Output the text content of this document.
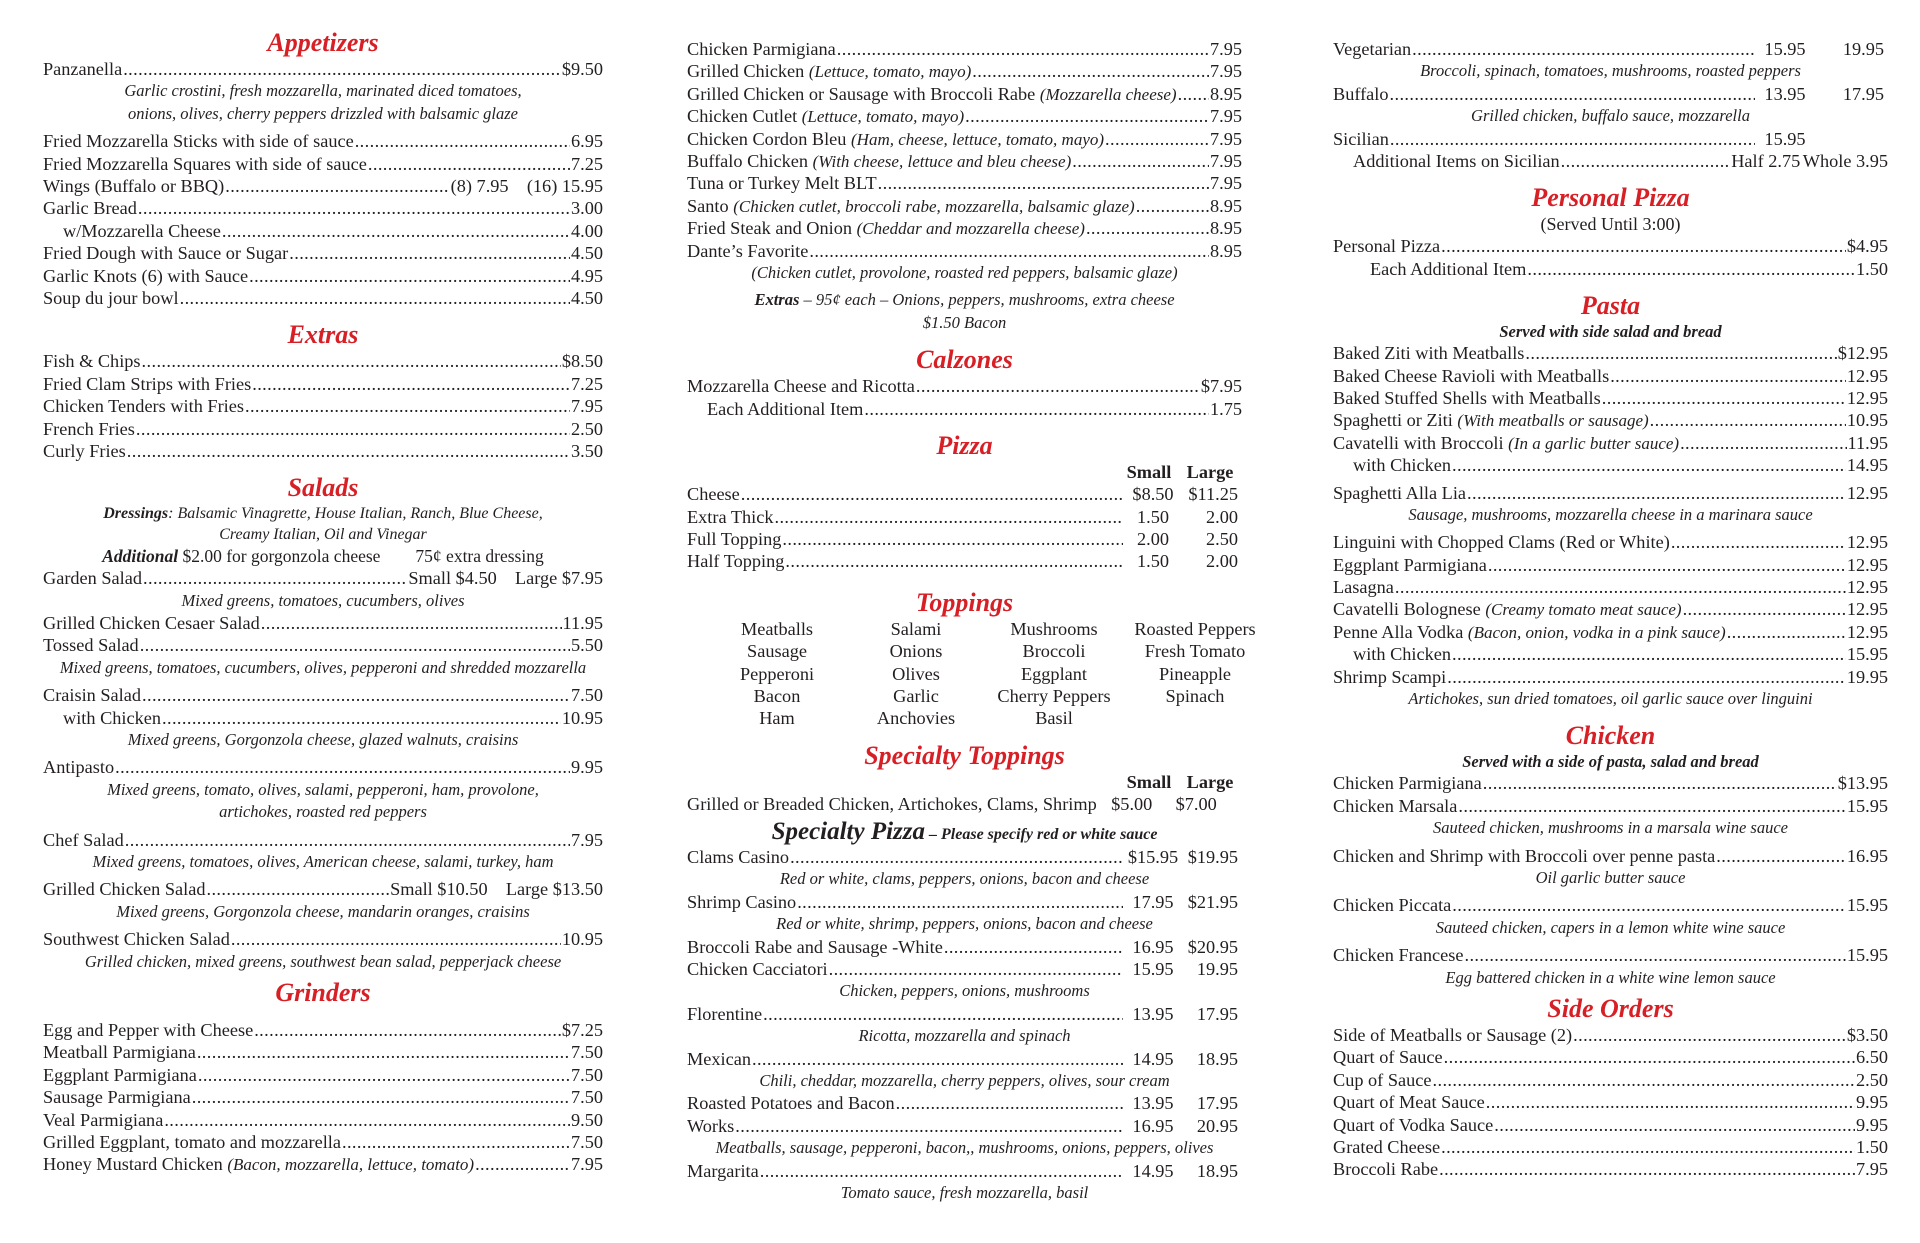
Appetizers
Panzanella .....	$9.50
Garlic crostini, fresh mozzarella, marinated diced tomatoes, onions, olives, cherry peppers drizzled with balsamic glaze
Fried Mozzarella Sticks with side of sauce .....	6.95
Fried Mozzarella Squares with side of sauce .....	7.25
Wings (Buffalo or BBQ) .....	(8) 7.95    (16) 15.95
Garlic Bread .....	3.00
w/Mozzarella Cheese .....	4.00
Fried Dough with Sauce or Sugar .....	4.50
Garlic Knots (6) with Sauce .....	4.95
Soup du jour bowl .....	4.50
Extras
Fish & Chips .....	$8.50
Fried Clam Strips with Fries .....	7.25
Chicken Tenders with Fries .....	7.95
French Fries .....	2.50
Curly Fries .....	3.50
Salads
Dressings: Balsamic Vinagrette, House Italian, Ranch, Blue Cheese, Creamy Italian, Oil and Vinegar
Additional $2.00 for gorgonzola cheese        75¢ extra dressing
Garden Salad .....	Small $4.50    Large $7.95
Mixed greens, tomatoes, cucumbers, olives
Grilled Chicken Cesaer Salad .....	11.95
Tossed Salad .....	5.50
Mixed greens, tomatoes, cucumbers, olives, pepperoni and shredded mozzarella
Craisin Salad .....	7.50
with Chicken .....	10.95
Mixed greens, Gorgonzola cheese, glazed walnuts, craisins
Antipasto .....	9.95
Mixed greens, tomato, olives, salami, pepperoni, ham, provolone, artichokes, roasted red peppers
Chef Salad .....	7.95
Mixed greens, tomatoes, olives, American cheese, salami, turkey, ham
Grilled Chicken Salad .....	Small $10.50    Large $13.50
Mixed greens, Gorgonzola cheese, mandarin oranges, craisins
Southwest Chicken Salad .....	10.95
Grilled chicken, mixed greens, southwest bean salad, pepperjack cheese
Grinders
Egg and Pepper with Cheese .....	$7.25
Meatball Parmigiana .....	7.50
Eggplant Parmigiana .....	7.50
Sausage Parmigiana .....	7.50
Veal Parmigiana .....	9.50
Grilled Eggplant, tomato and mozzarella .....	7.50
Honey Mustard Chicken (Bacon, mozzarella, lettuce, tomato) .....	7.95
Chicken Parmigiana .....	7.95
Grilled Chicken (Lettuce, tomato, mayo) .....	7.95
Grilled Chicken or Sausage with Broccoli Rabe (Mozzarella cheese) ..... 8.95
Chicken Cutlet (Lettuce, tomato, mayo) .....	7.95
Chicken Cordon Bleu (Ham, cheese, lettuce, tomato, mayo) .....	7.95
Buffalo Chicken (With cheese, lettuce and bleu cheese) .....	7.95
Tuna or Turkey Melt BLT .....	7.95
Santo (Chicken cutlet, broccoli rabe, mozzarella, balsamic glaze) .....	8.95
Fried Steak and Onion (Cheddar and mozzarella cheese) .....	8.95
Dante’s Favorite .....	8.95
(Chicken cutlet, provolone, roasted red peppers, balsamic glaze)
Extras – 95¢ each – Onions, peppers, mushrooms, extra cheese
$1.50 Bacon
Calzones
Mozzarella Cheese and Ricotta .....	$7.95
Each Additional Item .....	1.75
Pizza
Small Large
Cheese .....	$8.50 $11.25
Extra Thick .....	1.50	2.00
Full Topping .....	2.00	2.50
Half Topping .....	1.50	2.00
Toppings
Meatballs	Salami	Mushrooms	Roasted Peppers
Sausage	Onions	Broccoli	Fresh Tomato
Pepperoni	Olives	Eggplant	Pineapple
Bacon	Garlic	Cherry Peppers	Spinach
Ham	Anchovies	Basil
Specialty Toppings
Small Large
Grilled or Breaded Chicken, Artichokes, Clams, Shrimp $5.00	$7.00
Specialty Pizza – Please specify red or white sauce
Clams Casino .....	$15.95 $19.95
Red or white, clams, peppers, onions, bacon and cheese
Shrimp Casino .....	17.95 $21.95
Red or white, shrimp, peppers, onions, bacon and cheese
Broccoli Rabe and Sausage -White .....	16.95 $20.95
Chicken Cacciatori .....	15.95	19.95
Chicken, peppers, onions, mushrooms
Florentine .....	13.95	17.95
Ricotta, mozzarella and spinach
Mexican .....	14.95	18.95
Chili, cheddar, mozzarella, cherry peppers, olives, sour cream
Roasted Potatoes and Bacon .....	13.95	17.95
Works .....	16.95	20.95
Meatballs, sausage, pepperoni, bacon,, mushrooms, onions, peppers, olives
Margarita .....	14.95	18.95
Tomato sauce, fresh mozzarella, basil
Vegetarian .....	15.95	19.95
Broccoli, spinach, tomatoes, mushrooms, roasted peppers
Buffalo .....	13.95	17.95
Grilled chicken, buffalo sauce, mozzarella
Sicilian .....	15.95
Additional Items on Sicilian .....	Half 2.75 Whole 3.95
Personal Pizza
(Served Until 3:00)
Personal Pizza .....	$4.95
Each Additional Item .....	1.50
Pasta
Served with side salad and bread
Baked Ziti with Meatballs .....	$12.95
Baked Cheese Ravioli with Meatballs .....	12.95
Baked Stuffed Shells with Meatballs .....	12.95
Spaghetti or Ziti (With meatballs or sausage) .....	10.95
Cavatelli with Broccoli (In a garlic butter sauce) .....	11.95
with Chicken .....	14.95
Spaghetti Alla Lia .....	12.95
Sausage, mushrooms, mozzarella cheese in a marinara sauce
Linguini with Chopped Clams (Red or White) .....	12.95
Eggplant Parmigiana .....	12.95
Lasagna .....	12.95
Cavatelli Bolognese (Creamy tomato meat sauce) .....	12.95
Penne Alla Vodka (Bacon, onion, vodka in a pink sauce) .....	12.95
with Chicken .....	15.95
Shrimp Scampi .....	19.95
Artichokes, sun dried tomatoes, oil garlic sauce over linguini
Chicken
Served with a side of pasta, salad and bread
Chicken Parmigiana .....	$13.95
Chicken Marsala .....	15.95
Sauteed chicken, mushrooms in a marsala wine sauce
Chicken and Shrimp with Broccoli over penne pasta .....	16.95
Oil garlic butter sauce
Chicken Piccata .....	15.95
Sauteed chicken, capers in a lemon white wine sauce
Chicken Francese .....	15.95
Egg battered chicken in a white wine lemon sauce
Side Orders
Side of Meatballs or Sausage (2) .....	$3.50
Quart of Sauce .....	6.50
Cup of Sauce .....	2.50
Quart of Meat Sauce .....	9.95
Quart of Vodka Sauce .....	9.95
Grated Cheese .....	1.50
Broccoli Rabe .....	7.95
